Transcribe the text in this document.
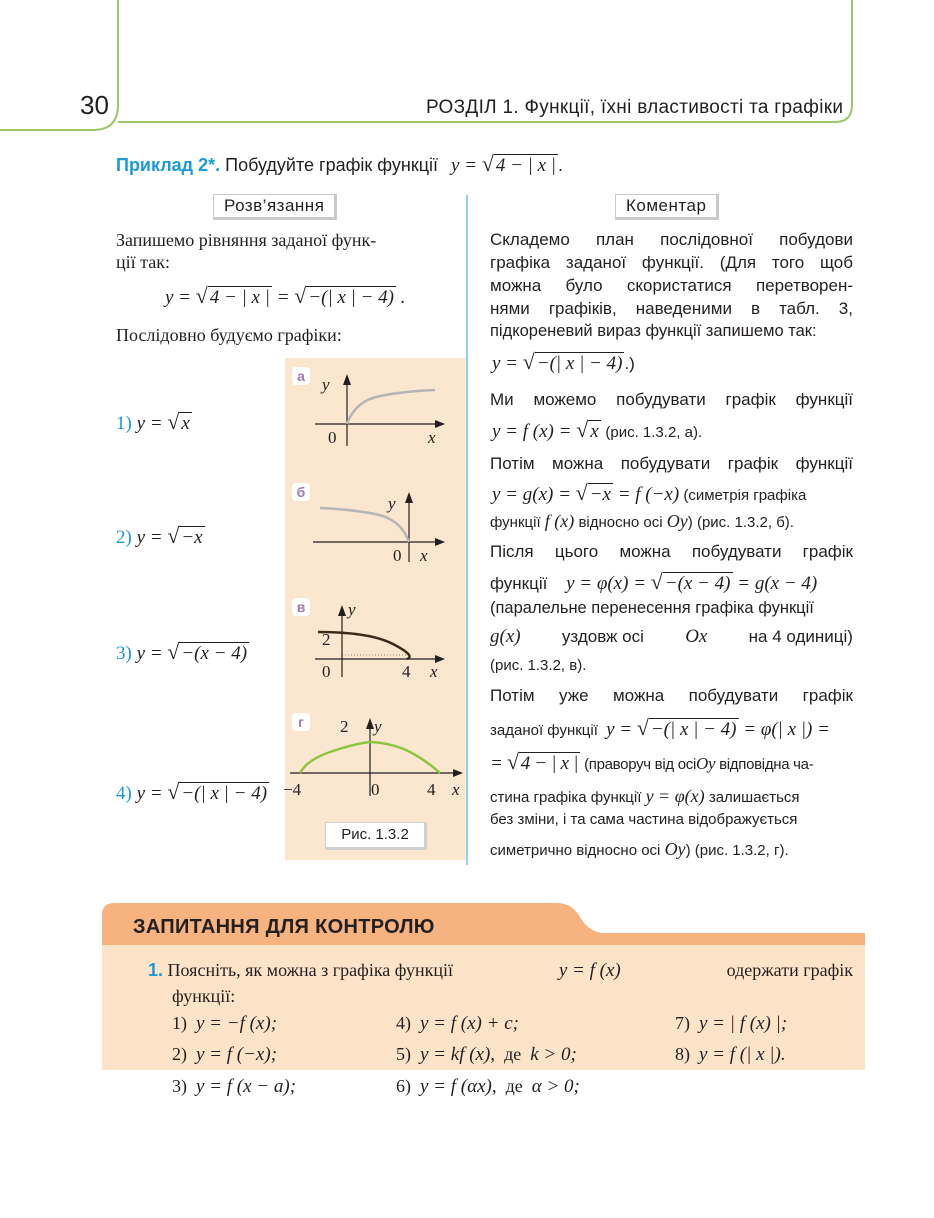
30	РОЗДІЛ 1. Функції, їхні властивості та графіки
Приклад 2*. Побудуйте графік функції y = √ 4 − | x | .
Розв’язання	Коментар
Запишемо рівняння заданої функ-
ції так:
y = √ 4 − | x | = √ −(| x | − 4) .
Послідовно будуємо графіки:
1) y = √ x
2) y = √ −x
3) y = √ −(x − 4)
4) y = √ −(| x | − 4)
а	y
x
0
б
y
x
0
в	y
2
0	4 x
г	2 y
−4	0	4 x
Рис. 1.3.2
Складемо план послідовної побудови
графіка заданої функції. (Для того щоб
можна було скористатися перетворен-
нями графіків, наведеними в табл. 3,
підкореневий вираз функції запишемо так:
y = √ −(| x | − 4) .)
Ми можемо побудувати графік функції
y = f (x) = √ x (рис. 1.3.2, а).
Потім можна побудувати графік функції
y = g(x) = √ −x = f (−x) (симетрія графіка
функції f (x) відносно осі Oy) (рис. 1.3.2, б).
Після цього можна побудувати графік
функції y = φ(x) = √ −(x − 4) = g(x − 4)
(паралельне перенесення графіка функції
g(x) уздовж осі Ox на 4 одиниці)
(рис. 1.3.2, в).
Потім уже можна побудувати графік
заданої функції y = √ −(| x | − 4) = φ(| x |) =
= √ 4 − | x | (праворуч від осіOy відповідна ча-
стина графіка функції y = φ(x) залишається
без зміни, і та сама частина відображується
симетрично відносно осі Oy) (рис. 1.3.2, г).
ЗАПИТАННЯ ДЛЯ КОНТРОЛЮ
1. Поясніть, як можна з графіка функції	y = f (x)	одержати графік
функції:
1) y = −f (x);
2) y = f (−x);
3) y = f (x − a);
4) y = f (x) + c;
5) y = kf (x), де k > 0;
6) y = f (αx), де α > 0;
7) y = | f (x) |;
8) y = f (| x |).
